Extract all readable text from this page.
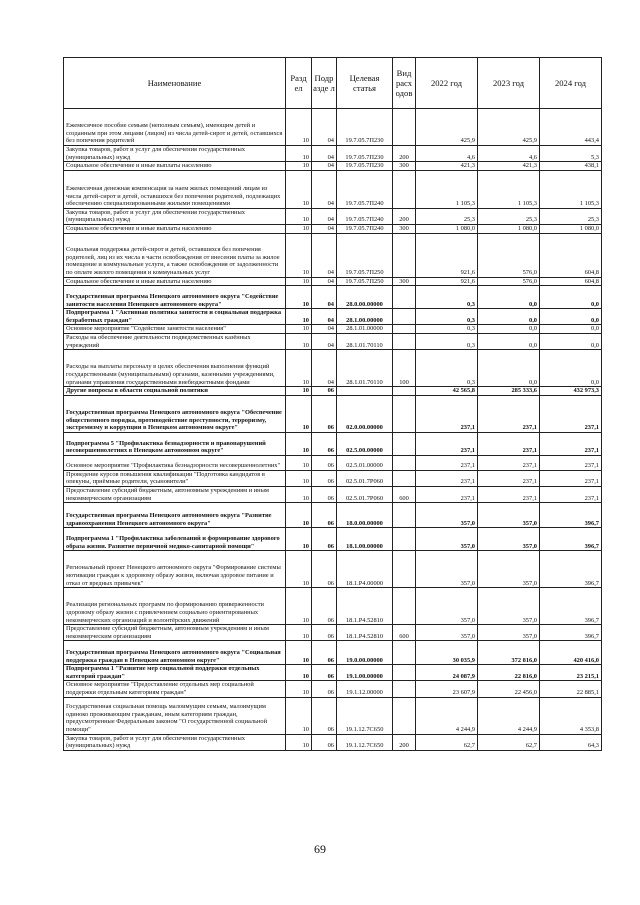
Наименование	Разд ел	Подр азде л	Целевая статья	Вид расх одов	2022 год	2023 год	2024 год
Ежемесячное пособие семьям (неполным семьям), имеющим детей и созданным при этом лицами (лицом) из числа детей-сирот и детей, оставшихся без попечения родителей	10	04	19.7.05.7П230		425,9	425,9	443,4
Закупка товаров, работ и услуг для обеспечения государственных (муниципальных) нужд	10	04	19.7.05.7П230	200	4,6	4,6	5,3
Социальное обеспечение и иные выплаты населению	10	04	19.7.05.7П230	300	421,3	421,3	438,1
Ежемесячная денежная компенсация за наем жилых помещений лицам из числа детей-сирот и детей, оставшихся без попечения родителей, подлежащих обеспечению специализированными жилыми помещениями	10	04	19.7.05.7П240		1 105,3	1 105,3	1 105,3
Закупка товаров, работ и услуг для обеспечения государственных (муниципальных) нужд	10	04	19.7.05.7П240	200	25,3	25,3	25,3
Социальное обеспечение и иные выплаты населению	10	04	19.7.05.7П240	300	1 080,0	1 080,0	1 080,0
Социальная поддержка детей-сирот и детей, оставшихся без попечения родителей, лиц из их числа в части освобождения от внесения платы за жилое помещение и коммунальные услуги, а также освобождения от задолженности по оплате жилого помещения и коммунальных услуг	10	04	19.7.05.7П250		921,6	576,0	604,8
Социальное обеспечение и иные выплаты населению	10	04	19.7.05.7П250	300	921,6	576,0	604,8
Государственная программа Ненецкого автономного округа "Содействие занятости населения Ненецкого автономного округа"	10	04	28.0.00.00000		0,3	0,0	0,0
Подпрограмма 1 "Активная политика занятости и социальная поддержка безработных граждан"	10	04	28.1.00.00000		0,3	0,0	0,0
Основное мероприятие "Содействие занятости населения"	10	04	28.1.01.00000		0,3	0,0	0,0
Расходы на обеспечение деятельности подведомственных казённых учреждений	10	04	28.1.01.70110		0,3	0,0	0,0
Расходы на выплаты персоналу в целях обеспечения выполнения функций государственными (муниципальными) органами, казенными учреждениями, органами управления государственными внебюджетными фондами	10	04	28.1.01.70110	100	0,3	0,0	0,0
Другие вопросы в области социальной политики	10	06			42 565,8	285 333,6	432 973,3
Государственная программа Ненецкого автономного округа "Обеспечение общественного порядка, противодействие преступности, терроризму, экстремизму и коррупции в Ненецком автономном округе"	10	06	02.0.00.00000		237,1	237,1	237,1
Подпрограмма 5 "Профилактика безнадзорности и правонарушений несовершеннолетних в Ненецком автономном округе"	10	06	02.5.00.00000		237,1	237,1	237,1
Основное мероприятие "Профилактика безнадзорности несовершеннолетних"	10	06	02.5.01.00000		237,1	237,1	237,1
Проведение курсов повышения квалификации "Подготовка кандидатов в опекуны, приёмные родители, усыновители"	10	06	02.5.01.7Р060		237,1	237,1	237,1
Предоставление субсидий бюджетным, автономным учреждениям и иным некоммерческим организациям	10	06	02.5.01.7Р060	600	237,1	237,1	237,1
Государственная программа Ненецкого автономного округа "Развитие здравоохранения Ненецкого автономного округа"	10	06	18.0.00.00000		357,0	357,0	396,7
Подпрограмма 1 "Профилактика заболеваний и формирование здорового образа жизни. Развитие первичной медико-санитарной помощи"	10	06	18.1.00.00000		357,0	357,0	396,7
Региональный проект Ненецкого автономного округа "Формирование системы мотивации граждан к здоровому образу жизни, включая здоровое питание и отказ от вредных привычек"	10	06	18.1.Р4.00000		357,0	357,0	396,7
Реализация региональных программ по формированию приверженности здоровому образу жизни с привлечением социально ориентированных некоммерческих организаций и волонтёрских движений	10	06	18.1.Р4.52810		357,0	357,0	396,7
Предоставление субсидий бюджетным, автономным учреждениям и иным некоммерческим организациям	10	06	18.1.Р4.52810	600	357,0	357,0	396,7
Государственная программа Ненецкого автономного округа "Социальная поддержка граждан в Ненецком автономном округе"	10	06	19.0.00.00000		30 035,9	372 816,0	420 416,0
Подпрограмма 1 "Развитие мер социальной поддержки отдельных категорий граждан"	10	06	19.1.00.00000		24 087,9	22 816,0	23 215,1
Основное мероприятие "Предоставление отдельных мер социальной поддержки отдельным категориям граждан"	10	06	19.1.12.00000		23 607,9	22 456,0	22 885,1
Государственная социальная помощь малоимущим семьям, малоимущим одиноко проживающим гражданам, иным категориям граждан, предусмотренные Федеральным законом "О государственной социальной помощи"	10	06	19.1.12.7С650		4 244,9	4 244,9	4 353,8
Закупка товаров, работ и услуг для обеспечения государственных (муниципальных) нужд	10	06	19.1.12.7С650	200	62,7	62,7	64,3
69
